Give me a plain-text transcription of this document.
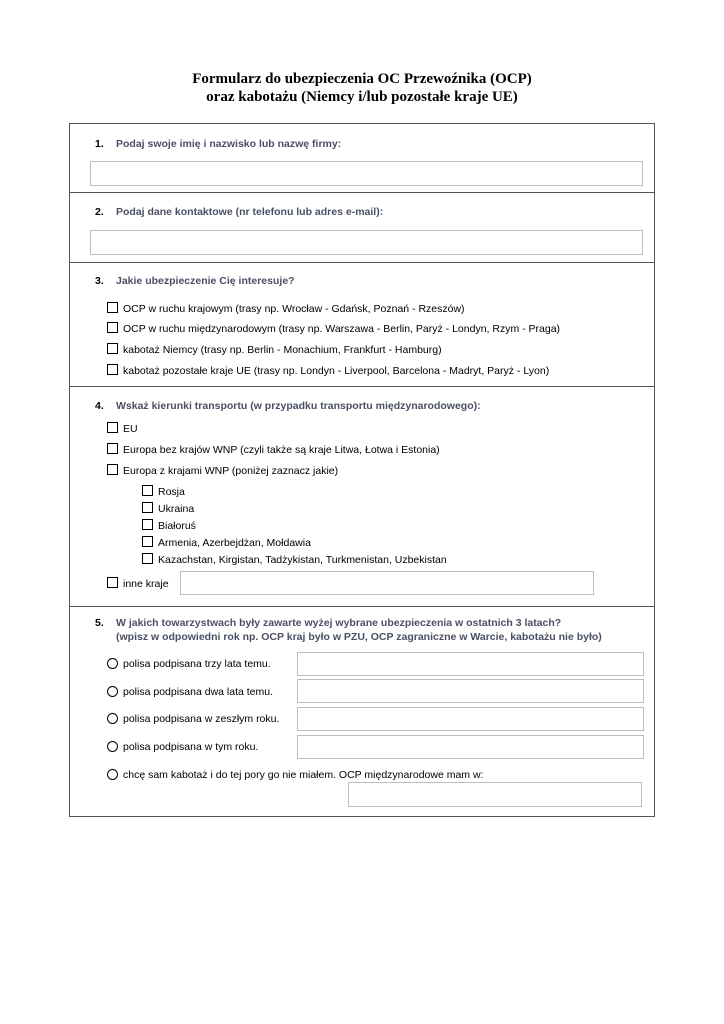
Formularz do ubezpieczenia OC Przewoźnika (OCP)
oraz kabotażu (Niemcy i/lub pozostałe kraje UE)
1. Podaj swoje imię i nazwisko lub nazwę firmy:
2. Podaj dane kontaktowe (nr telefonu lub adres e-mail):
3. Jakie ubezpieczenie Cię interesuje?
OCP w ruchu krajowym (trasy np. Wrocław - Gdańsk, Poznań - Rzeszów)
OCP w ruchu międzynarodowym (trasy np. Warszawa - Berlin, Paryż - Londyn, Rzym - Praga)
kabotaż Niemcy (trasy np. Berlin - Monachium, Frankfurt - Hamburg)
kabotaż pozostałe kraje UE (trasy np. Londyn - Liverpool, Barcelona - Madryt, Paryż - Lyon)
4. Wskaż kierunki transportu (w przypadku transportu międzynarodowego):
EU
Europa bez krajów WNP (czyli także są kraje Litwa, Łotwa i Estonia)
Europa z krajami WNP (poniżej zaznacz jakie)
Rosja
Ukraina
Białoruś
Armenia, Azerbejdżan, Mołdawia
Kazachstan, Kirgistan, Tadżykistan, Turkmenistan, Uzbekistan
inne kraje
5. W jakich towarzystwach były zawarte wyżej wybrane ubezpieczenia w ostatnich 3 latach?
(wpisz w odpowiedni rok np. OCP kraj było w PZU, OCP zagraniczne w Warcie, kabotażu nie było)
polisa podpisana trzy lata temu.
polisa podpisana dwa lata temu.
polisa podpisana w zeszłym roku.
polisa podpisana w tym roku.
chcę sam kabotaż i do tej pory go nie miałem. OCP międzynarodowe mam w:
